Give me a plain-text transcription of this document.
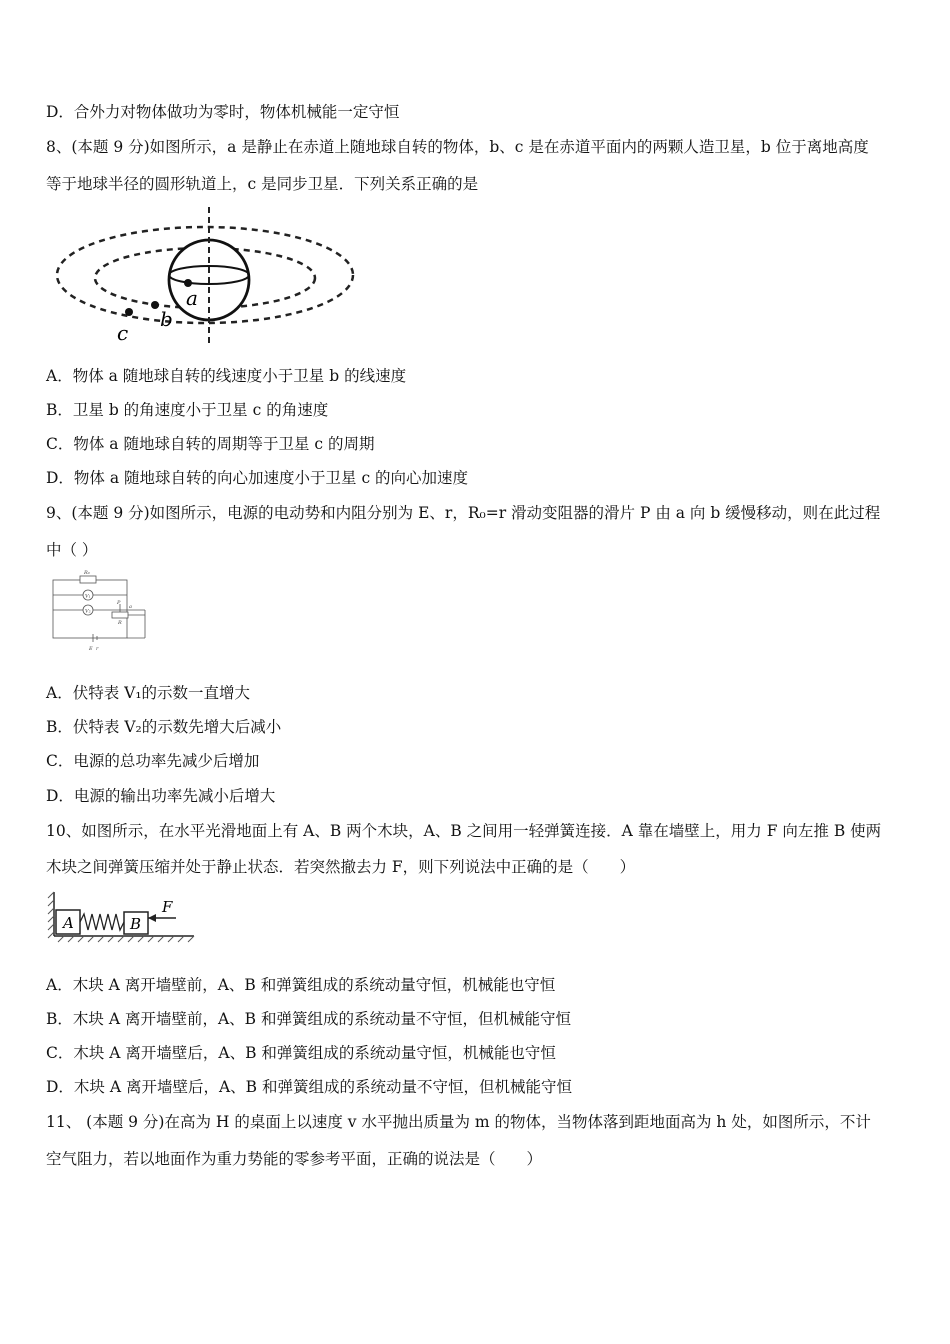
D．合外力对物体做功为零时，物体机械能一定守恒
8、(本题 9 分)如图所示，a 是静止在赤道上随地球自转的物体，b、c 是在赤道平面内的两颗人造卫星，b 位于离地高度
等于地球半径的圆形轨道上，c 是同步卫星．下列关系正确的是
a
b
c
A．物体 a 随地球自转的线速度小于卫星 b 的线速度
B．卫星 b 的角速度小于卫星 c 的角速度
C．物体 a 随地球自转的周期等于卫星 c 的周期
D．物体 a 随地球自转的向心加速度小于卫星 c 的向心加速度
9、(本题 9 分)如图所示，电源的电动势和内阻分别为 E、r，R₀=r 滑动变阻器的滑片 P 由 a 向 b 缓慢移动，则在此过程
中（ ）
R₀
V₁
V₂
P
a
R
E r
A．伏特表 V₁的示数一直增大
B．伏特表 V₂的示数先增大后减小
C．电源的总功率先减少后增加
D．电源的输出功率先减小后增大
10、如图所示，在水平光滑地面上有 A、B 两个木块，A、B 之间用一轻弹簧连接．A 靠在墙壁上，用力 F 向左推 B 使两
木块之间弹簧压缩并处于静止状态．若突然撤去力 F，则下列说法中正确的是（　　）
A	B
F
A．木块 A 离开墙壁前，A、B 和弹簧组成的系统动量守恒，机械能也守恒
B．木块 A 离开墙壁前，A、B 和弹簧组成的系统动量不守恒，但机械能守恒
C．木块 A 离开墙壁后，A、B 和弹簧组成的系统动量守恒，机械能也守恒
D．木块 A 离开墙壁后，A、B 和弹簧组成的系统动量不守恒，但机械能守恒
11、 (本题 9 分)在高为 H 的桌面上以速度 v 水平抛出质量为 m 的物体，当物体落到距地面高为 h 处，如图所示，不计
空气阻力，若以地面作为重力势能的零参考平面，正确的说法是（　　）
